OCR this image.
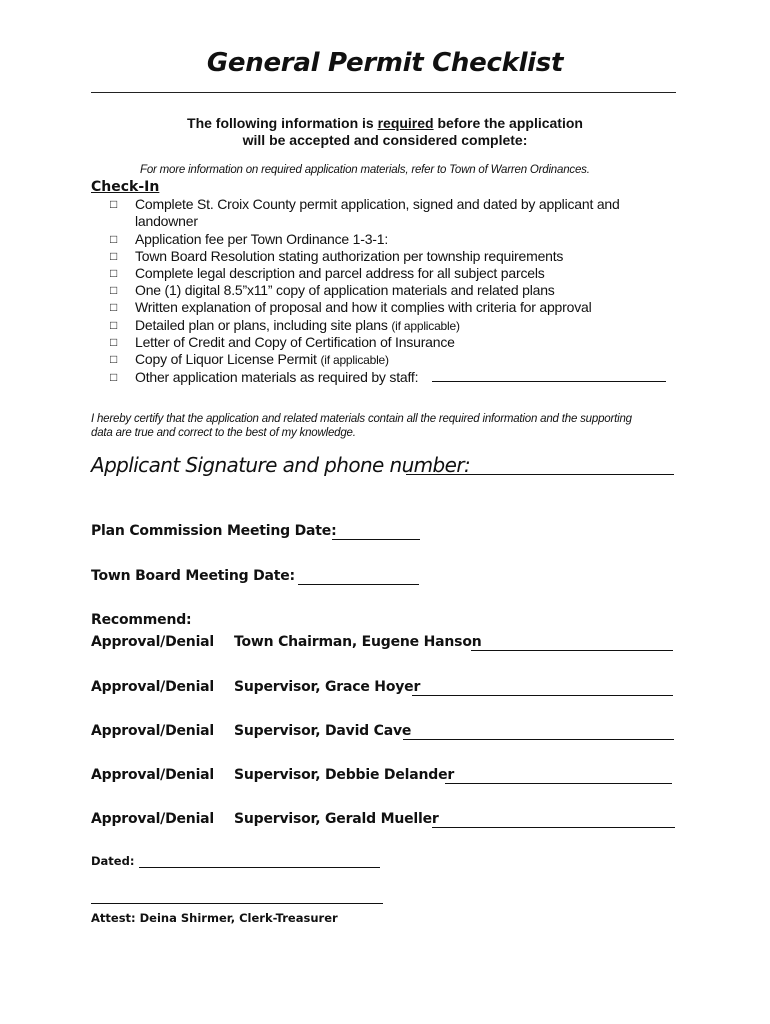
General Permit Checklist
The following information is required before the application
will be accepted and considered complete:
For more information on required application materials, refer to Town of Warren Ordinances.
Check-In
□	Complete St. Croix County permit application, signed and dated by applicant and
landowner
□	Application fee per Town Ordinance 1-3-1:
□	Town Board Resolution stating authorization per township requirements
□	Complete legal description and parcel address for all subject parcels
□	One (1) digital 8.5”x11” copy of application materials and related plans
□	Written explanation of proposal and how it complies with criteria for approval
□	Detailed plan or plans, including site plans (if applicable)
□	Letter of Credit and Copy of Certification of Insurance
□	Copy of Liquor License Permit (if applicable)
□	Other application materials as required by staff:
I hereby certify that the application and related materials contain all the required information and the supporting
data are true and correct to the best of my knowledge.
Applicant Signature and phone number:
Plan Commission Meeting Date:
Town Board Meeting Date:
Recommend:
Approval/Denial Town Chairman, Eugene Hanson
Approval/Denial Supervisor, Grace Hoyer
Approval/Denial Supervisor, David Cave
Approval/Denial Supervisor, Debbie Delander
Approval/Denial Supervisor, Gerald Mueller
Dated:
Attest: Deina Shirmer, Clerk-Treasurer
